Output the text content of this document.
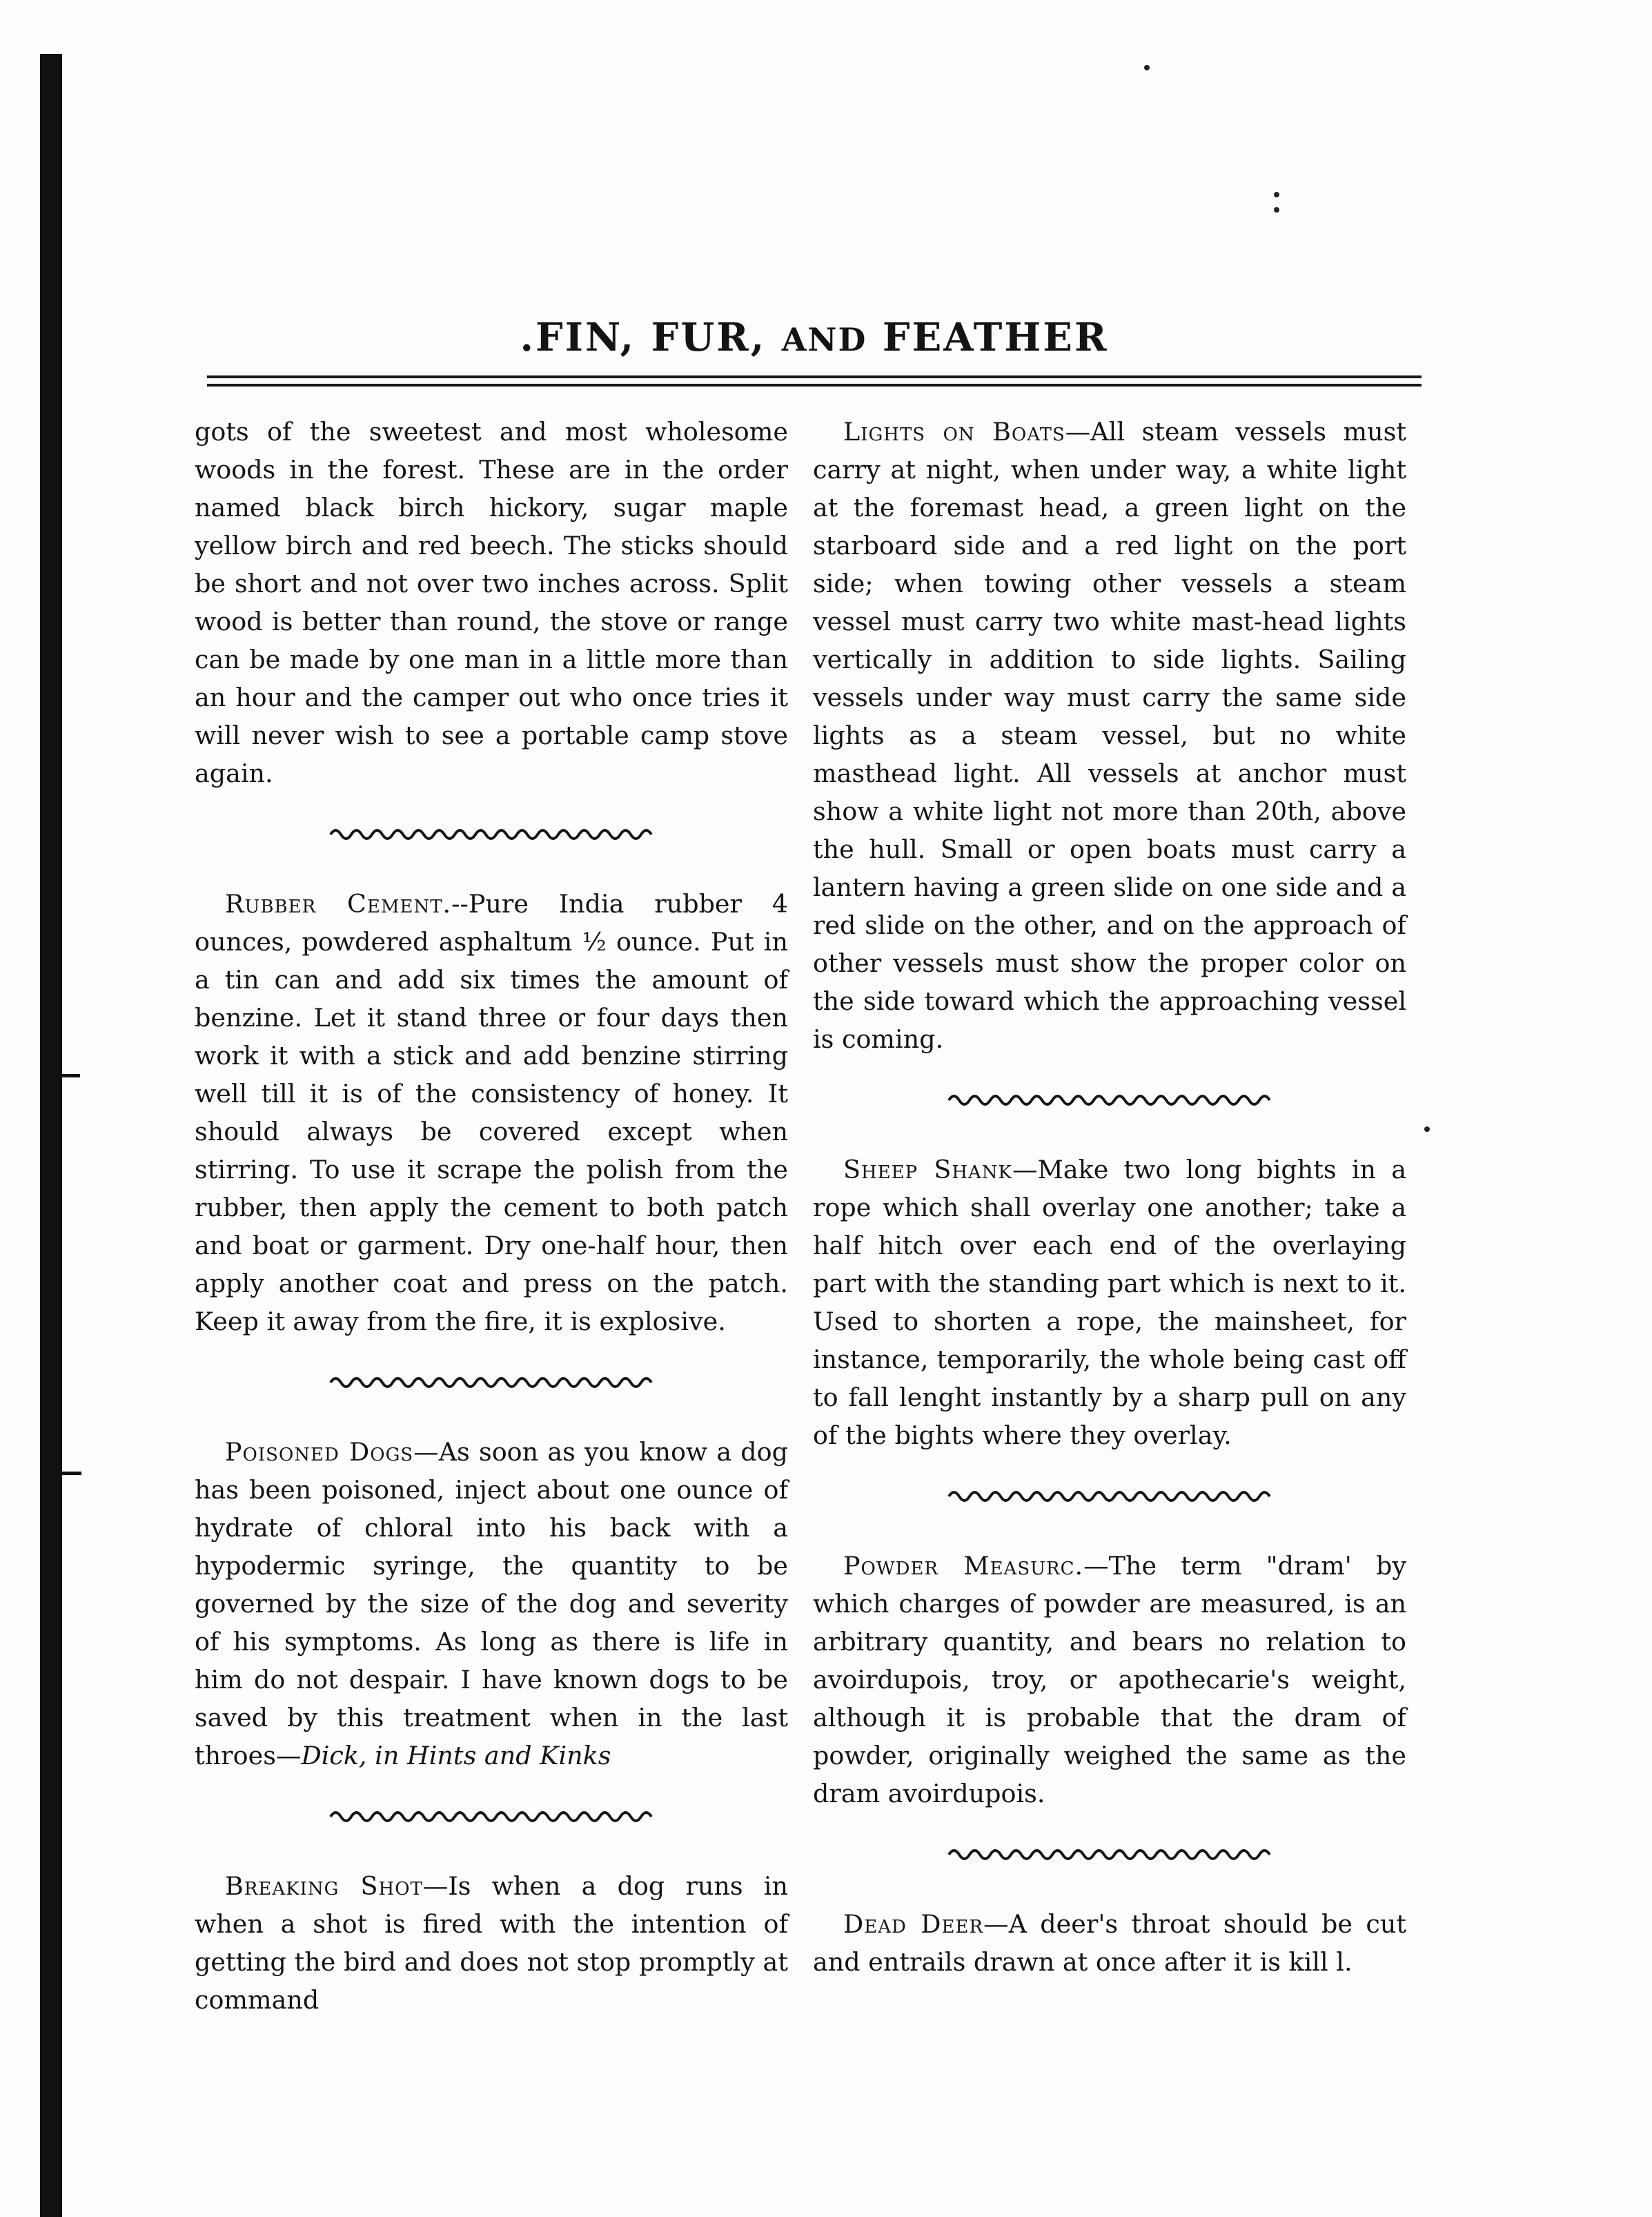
.FIN, FUR, AND FEATHER

gots of the sweetest and most wholesome woods in the forest. These are in the order named black birch hickory, sugar maple yellow birch and red beech. The sticks should be short and not over two inches across. Split wood is better than round, the stove or range can be made by one man in a little more than an hour and the camper out who once tries it will never wish to see a portable camp stove again.

Rubber Cement.--Pure India rubber 4 ounces, powdered asphaltum ½ ounce. Put in a tin can and add six times the amount of benzine. Let it stand three or four days then work it with a stick and add benzine stirring well till it is of the consistency of honey. It should always be covered except when stirring. To use it scrape the polish from the rubber, then apply the cement to both patch and boat or garment. Dry one-half hour, then apply another coat and press on the patch. Keep it away from the fire, it is explosive.

Poisoned Dogs—As soon as you know a dog has been poisoned, inject about one ounce of hydrate of chloral into his back with a hypodermic syringe, the quantity to be governed by the size of the dog and severity of his symptoms. As long as there is life in him do not despair. I have known dogs to be saved by this treatment when in the last throes—Dick, in Hints and Kinks

Breaking Shot—Is when a dog runs in when a shot is fired with the intention of getting the bird and does not stop promptly at command

Lights on Boats—All steam vessels must carry at night, when under way, a white light at the foremast head, a green light on the starboard side and a red light on the port side; when towing other vessels a steam vessel must carry two white mast-head lights vertically in addition to side lights. Sailing vessels under way must carry the same side lights as a steam vessel, but no white masthead light. All vessels at anchor must show a white light not more than 20th, above the hull. Small or open boats must carry a lantern having a green slide on one side and a red slide on the other, and on the approach of other vessels must show the proper color on the side toward which the approaching vessel is coming.

Sheep Shank—Make two long bights in a rope which shall overlay one another; take a half hitch over each end of the overlaying part with the standing part which is next to it. Used to shorten a rope, the mainsheet, for instance, temporarily, the whole being cast off to fall lenght instantly by a sharp pull on any of the bights where they overlay.

Powder Measurc.—The term "dram' by which charges of powder are measured, is an arbitrary quantity, and bears no relation to avoirdupois, troy, or apothecarie's weight, although it is probable that the dram of powder, originally weighed the same as the dram avoirdupois.

Dead Deer—A deer's throat should be cut and entrails drawn at once after it is kill l.
